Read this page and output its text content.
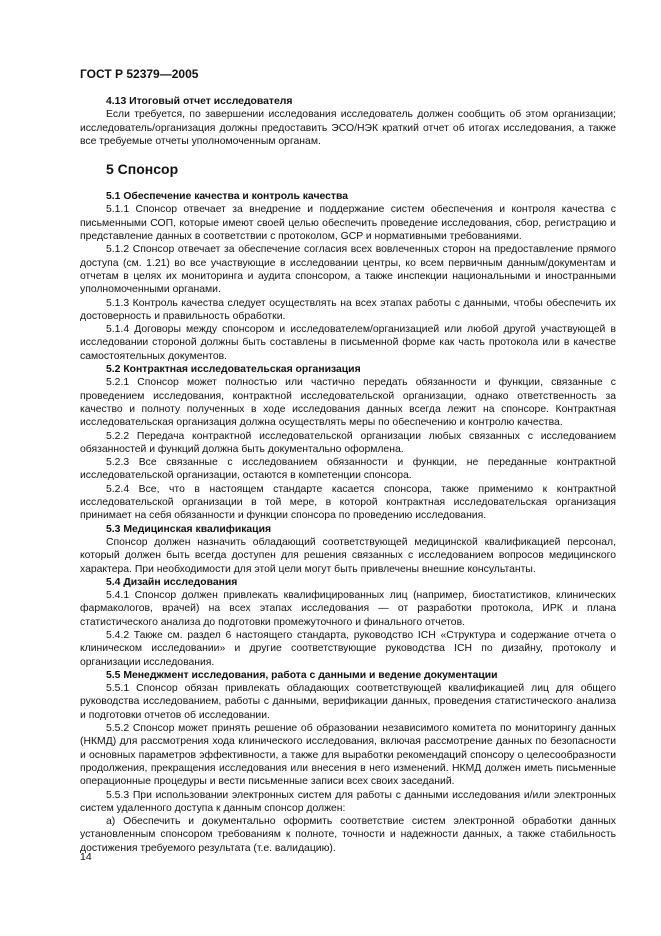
ГОСТ Р 52379—2005
4.13 Итоговый отчет исследователя

Если требуется, по завершении исследования исследователь должен сообщить об этом организации; исследователь/организация должны предоставить ЭСО/НЭК краткий отчет об итогах исследования, а также все требуемые отчеты уполномоченным органам.

5 Спонсор
5.1 Обеспечение качества и контроль качества

5.1.1 Спонсор отвечает за внедрение и поддержание систем обеспечения и контроля качества с письменными СОП, которые имеют своей целью обеспечить проведение исследования, сбор, регистрацию и представление данных в соответствии с протоколом, GCP и нормативными требованиями.

5.1.2 Спонсор отвечает за обеспечение согласия всех вовлеченных сторон на предоставление прямого доступа (см. 1.21) во все участвующие в исследовании центры, ко всем первичным данным/документам и отчетам в целях их мониторинга и аудита спонсором, а также инспекции национальными и иностранными уполномоченными органами.

5.1.3 Контроль качества следует осуществлять на всех этапах работы с данными, чтобы обеспечить их достоверность и правильность обработки.

5.1.4 Договоры между спонсором и исследователем/организацией или любой другой участвующей в исследовании стороной должны быть составлены в письменной форме как часть протокола или в качестве самостоятельных документов.

5.2 Контрактная исследовательская организация

5.2.1 Спонсор может полностью или частично передать обязанности и функции, связанные с проведением исследования, контрактной исследовательской организации, однако ответственность за качество и полноту полученных в ходе исследования данных всегда лежит на спонсоре. Контрактная исследовательская организация должна осуществлять меры по обеспечению и контролю качества.

5.2.2 Передача контрактной исследовательской организации любых связанных с исследованием обязанностей и функций должна быть документально оформлена.

5.2.3 Все связанные с исследованием обязанности и функции, не переданные контрактной исследовательской организации, остаются в компетенции спонсора.

5.2.4 Все, что в настоящем стандарте касается спонсора, также применимо к контрактной исследовательской организации в той мере, в которой контрактная исследовательская организация принимает на себя обязанности и функции спонсора по проведению исследования.

5.3 Медицинская квалификация

Спонсор должен назначить обладающий соответствующей медицинской квалификацией персонал, который должен быть всегда доступен для решения связанных с исследованием вопросов медицинского характера. При необходимости для этой цели могут быть привлечены внешние консультанты.

5.4 Дизайн исследования

5.4.1 Спонсор должен привлекать квалифицированных лиц (например, биостатистиков, клинических фармакологов, врачей) на всех этапах исследования — от разработки протокола, ИРК и плана статистического анализа до подготовки промежуточного и финального отчетов.

5.4.2 Также см. раздел 6 настоящего стандарта, руководство ICH «Структура и содержание отчета о клиническом исследовании» и другие соответствующие руководства ICH по дизайну, протоколу и организации исследования.

5.5 Менеджмент исследования, работа с данными и ведение документации

5.5.1 Спонсор обязан привлекать обладающих соответствующей квалификацией лиц для общего руководства исследованием, работы с данными, верификации данных, проведения статистического анализа и подготовки отчетов об исследовании.

5.5.2 Спонсор может принять решение об образовании независимого комитета по мониторингу данных (НКМД) для рассмотрения хода клинического исследования, включая рассмотрение данных по безопасности и основных параметров эффективности, а также для выработки рекомендаций спонсору о целесообразности продолжения, прекращения исследования или внесения в него изменений. НКМД должен иметь письменные операционные процедуры и вести письменные записи всех своих заседаний.

5.5.3 При использовании электронных систем для работы с данными исследования и/или электронных систем удаленного доступа к данным спонсор должен:

а) Обеспечить и документально оформить соответствие систем электронной обработки данных установленным спонсором требованиям к полноте, точности и надежности данных, а также стабильность достижения требуемого результата (т.е. валидацию).

14
